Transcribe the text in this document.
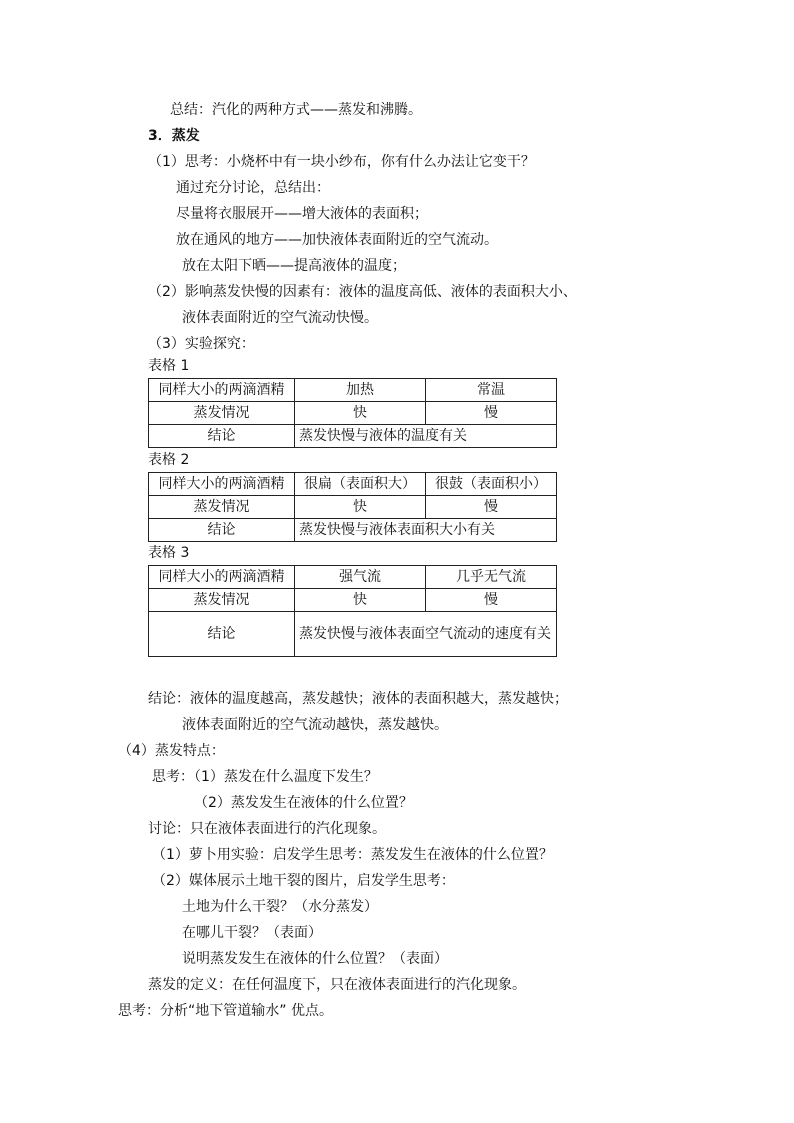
总结：汽化的两种方式——蒸发和沸腾。
3．蒸发
（1）思考：小烧杯中有一块小纱布，你有什么办法让它变干？
通过充分讨论，总结出：
尽量将衣服展开——增大液体的表面积；
放在通风的地方——加快液体表面附近的空气流动。
放在太阳下晒——提高液体的温度；
（2）影响蒸发快慢的因素有：液体的温度高低、液体的表面积大小、
液体表面附近的空气流动快慢。
（3）实验探究：
表格 1
同样大小的两滴酒精	加热	常温
蒸发情况	快	慢
结论	蒸发快慢与液体的温度有关	
表格 2
同样大小的两滴酒精	很扁（表面积大）	很鼓（表面积小）
蒸发情况	快	慢
结论	蒸发快慢与液体表面积大小有关	
表格 3
同样大小的两滴酒精	强气流	几乎无气流
蒸发情况	快	慢
结论	蒸发快慢与液体表面空气流动的速度有关	
结论：液体的温度越高，蒸发越快；液体的表面积越大，蒸发越快；
液体表面附近的空气流动越快，蒸发越快。
（4）蒸发特点：
思考：（1）蒸发在什么温度下发生？
（2）蒸发发生在液体的什么位置？
讨论：只在液体表面进行的汽化现象。
（1）萝卜用实验：启发学生思考：蒸发发生在液体的什么位置？
（2）媒体展示土地干裂的图片，启发学生思考：
土地为什么干裂？（水分蒸发）
在哪儿干裂？（表面）
说明蒸发发生在液体的什么位置？（表面）
蒸发的定义：在任何温度下，只在液体表面进行的汽化现象。
思考：分析“地下管道输水” 优点。
